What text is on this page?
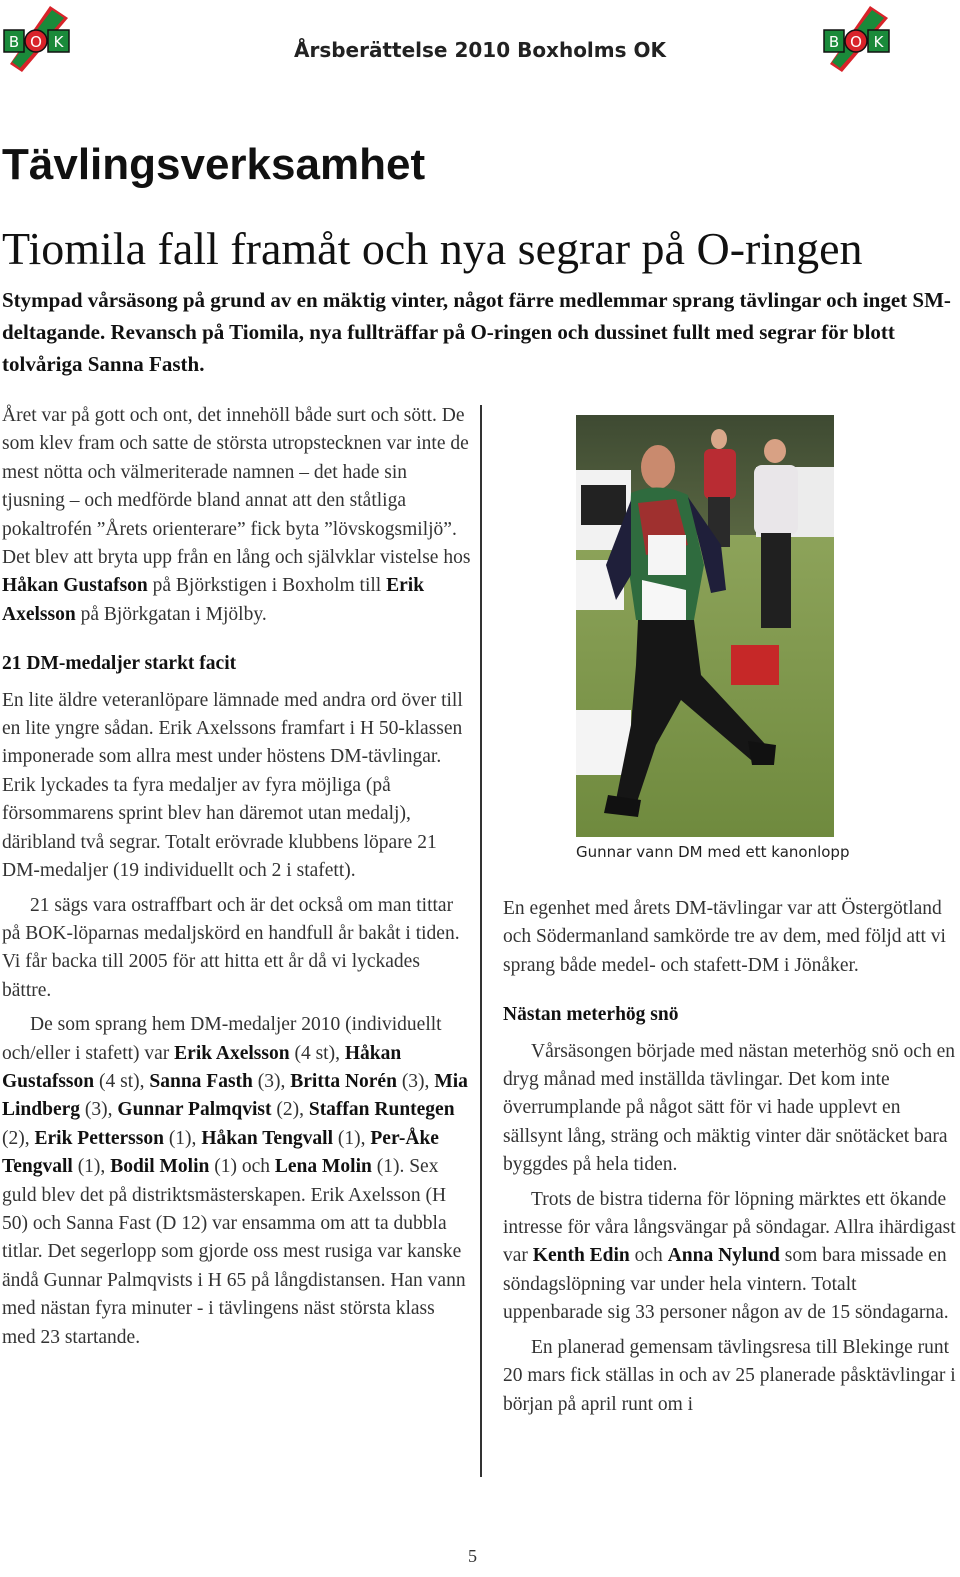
B O K	Årsberättelse 2010 Boxholms OK	B O K
Tävlingsverksamhet
Tiomila fall framåt och nya segrar på O-ringen

Stympad vårsäsong på grund av en mäktig vinter, något färre medlemmar sprang tävlingar och inget SM-deltagande. Revansch på Tiomila, nya fullträffar på O-ringen och dussinet fullt med segrar för blott tolvåriga Sanna Fasth.

Året var på gott och ont, det innehöll både surt och sött. De som klev fram och satte de största utropstecknen var inte de mest nötta och välmeriterade namnen – det hade sin tjusning – och medförde bland annat att den ståtliga pokaltrofén ”Årets orienterare” fick byta ”lövskogsmiljö”. Det blev att bryta upp från en lång och självklar vistelse hos Håkan Gustafson på Björkstigen i Boxholm till Erik Axelsson på Björkgatan i Mjölby.

21 DM-medaljer starkt facit

En lite äldre veteranlöpare lämnade med andra ord över till en lite yngre sådan. Erik Axelssons framfart i H 50-klassen imponerade som allra mest under höstens DM-tävlingar. Erik lyckades ta fyra medaljer av fyra möjliga (på försommarens sprint blev han däremot utan medalj), däribland två segrar. Totalt erövrade klubbens löpare 21 DM-medaljer (19 individuellt och 2 i stafett).

21 sägs vara ostraffbart och är det också om man tittar på BOK-löparnas medaljskörd en handfull år bakåt i tiden. Vi får backa till 2005 för att hitta ett år då vi lyckades bättre.

De som sprang hem DM-medaljer 2010 (individuellt och/eller i stafett) var Erik Axelsson (4 st), Håkan Gustafsson (4 st), Sanna Fasth (3), Britta Norén (3), Mia Lindberg (3), Gunnar Palmqvist (2), Staffan Runtegen (2), Erik Pettersson (1), Håkan Tengvall (1), Per-Åke Tengvall (1), Bodil Molin (1) och Lena Molin (1). Sex guld blev det på distriktsmästerskapen. Erik Axelsson (H 50) och Sanna Fast (D 12) var ensamma om att ta dubbla titlar. Det segerlopp som gjorde oss mest rusiga var kanske ändå Gunnar Palmqvists i H 65 på långdistansen. Han vann med nästan fyra minuter - i tävlingens näst största klass med 23 startande.

Gunnar vann DM med ett kanonlopp

En egenhet med årets DM-tävlingar var att Östergötland och Södermanland samkörde tre av dem, med följd att vi sprang både medel- och stafett-DM i Jönåker.

Nästan meterhög snö

Vårsäsongen började med nästan meterhög snö och en dryg månad med inställda tävlingar. Det kom inte överrumplande på något sätt för vi hade upplevt en sällsynt lång, sträng och mäktig vinter där snötäcket bara byggdes på hela tiden.

Trots de bistra tiderna för löpning märktes ett ökande intresse för våra långsvängar på söndagar. Allra ihärdigast var Kenth Edin och Anna Nylund som bara missade en söndagslöpning var under hela vintern. Totalt uppenbarade sig 33 personer någon av de 15 söndagarna.

En planerad gemensam tävlingsresa till Blekinge runt 20 mars fick ställas in och av 25 planerade påsktävlingar i början på april runt om i

5
